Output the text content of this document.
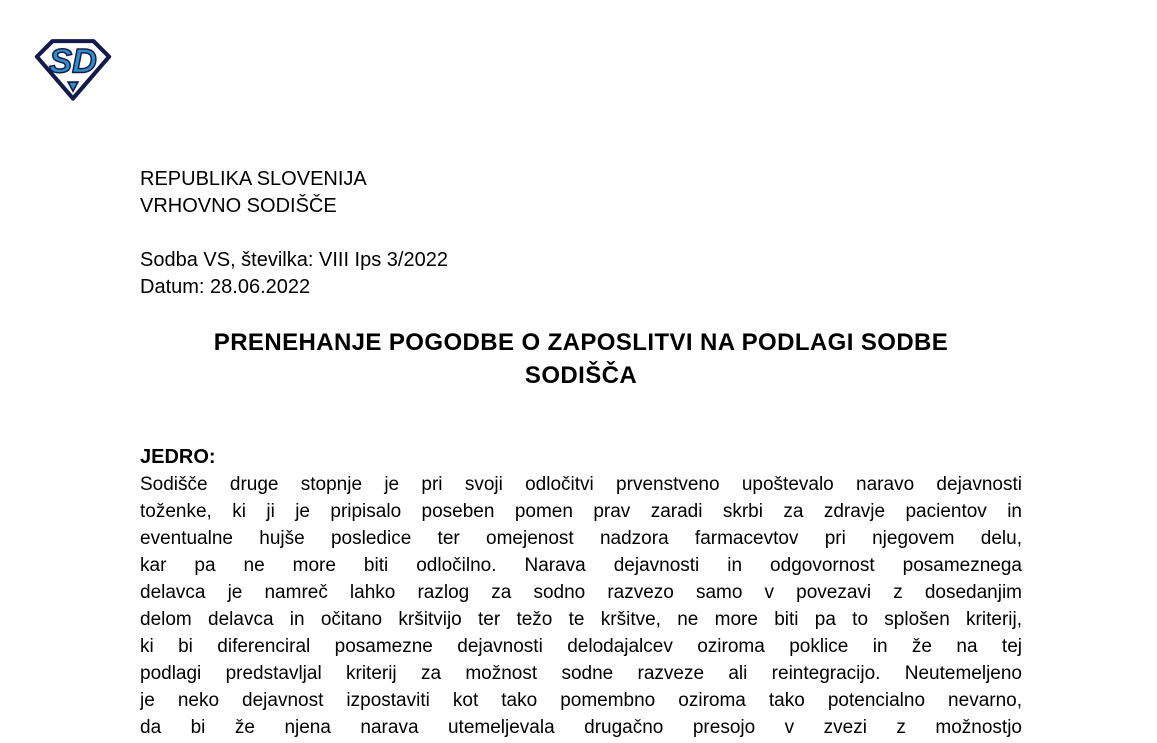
SD
REPUBLIKA SLOVENIJA
VRHOVNO SODIŠČE
Sodba VS, številka: VIII Ips 3/2022
Datum: 28.06.2022
PRENEHANJE POGODBE O ZAPOSLITVI NA PODLAGI SODBE
SODIŠČA
JEDRO:
Sodišče druge stopnje je pri svoji odločitvi prvenstveno upoštevalo naravo dejavnosti
toženke, ki ji je pripisalo poseben pomen prav zaradi skrbi za zdravje pacientov in
eventualne hujše posledice ter omejenost nadzora farmacevtov pri njegovem delu,
kar pa ne more biti odločilno. Narava dejavnosti in odgovornost posameznega
delavca je namreč lahko razlog za sodno razvezo samo v povezavi z dosedanjim
delom delavca in očitano kršitvijo ter težo te kršitve, ne more biti pa to splošen kriterij,
ki bi diferenciral posamezne dejavnosti delodajalcev oziroma poklice in že na tej
podlagi predstavljal kriterij za možnost sodne razveze ali reintegracijo. Neutemeljeno
je neko dejavnost izpostaviti kot tako pomembno oziroma tako potencialno nevarno,
da bi že njena narava utemeljevala drugačno presojo v zvezi z možnostjo
